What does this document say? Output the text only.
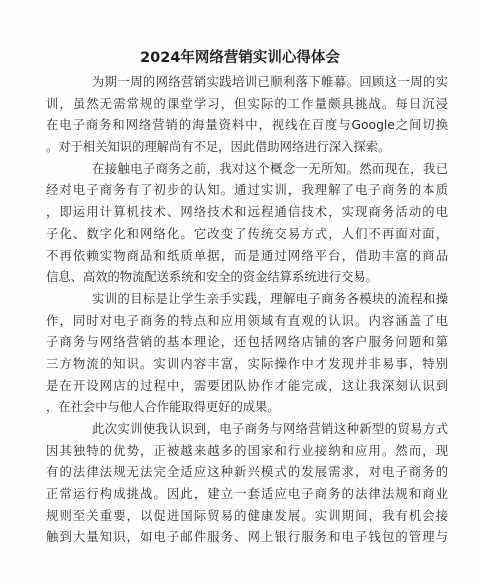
2024年网络营销实训心得体会
为期一周的网络营销实践培训已顺利落下帷幕。回顾这一周的实
训，虽然无需常规的课堂学习，但实际的工作量颇具挑战。每日沉浸
在电子商务和网络营销的海量资料中，视线在百度与Google之间切换
。对于相关知识的理解尚有不足，因此借助网络进行深入探索。
在接触电子商务之前，我对这个概念一无所知。然而现在，我已
经对电子商务有了初步的认知。通过实训，我理解了电子商务的本质
，即运用计算机技术、网络技术和远程通信技术，实现商务活动的电
子化、数字化和网络化。它改变了传统交易方式，人们不再面对面，
不再依赖实物商品和纸质单据，而是通过网络平台，借助丰富的商品
信息、高效的物流配送系统和安全的资金结算系统进行交易。
实训的目标是让学生亲手实践，理解电子商务各模块的流程和操
作，同时对电子商务的特点和应用领域有直观的认识。内容涵盖了电
子商务与网络营销的基本理论，还包括网络店铺的客户服务问题和第
三方物流的知识。实训内容丰富，实际操作中才发现并非易事，特别
是在开设网店的过程中，需要团队协作才能完成，这让我深刻认识到
，在社会中与他人合作能取得更好的成果。
此次实训使我认识到，电子商务与网络营销这种新型的贸易方式
因其独特的优势，正被越来越多的国家和行业接纳和应用。然而，现
有的法律法规无法完全适应这种新兴模式的发展需求，对电子商务的
正常运行构成挑战。因此，建立一套适应电子商务的法律法规和商业
规则至关重要，以促进国际贸易的健康发展。实训期间，我有机会接
触到大量知识，如电子邮件服务、网上银行服务和电子钱包的管理与
